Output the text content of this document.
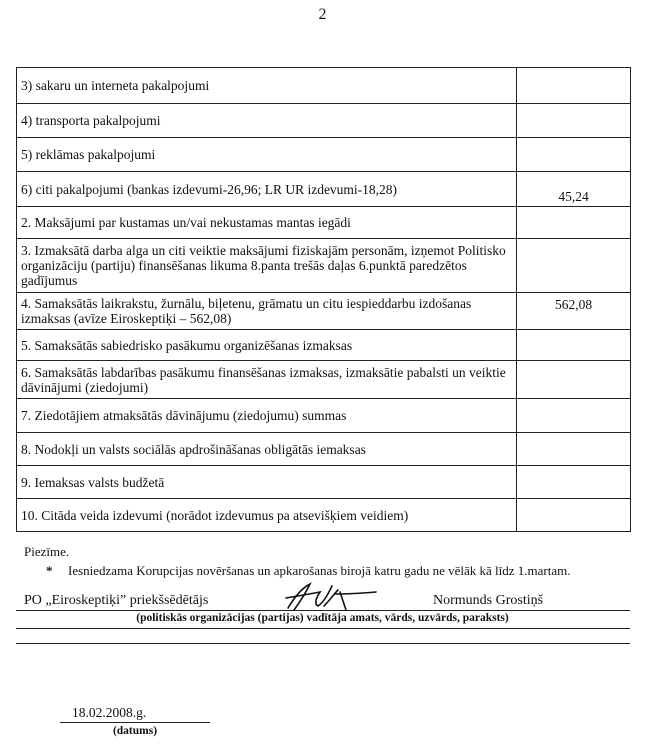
2
3) sakaru un interneta pakalpojumi	
4) transporta pakalpojumi	
5) reklāmas pakalpojumi	
6) citi pakalpojumi (bankas izdevumi-26,96; LR UR izdevumi-18,28)	45,24
2. Maksājumi par kustamas un/vai nekustamas mantas iegādi	
3. Izmaksātā darba alga un citi veiktie maksājumi fiziskajām personām, izņemot Politisko organizāciju (partiju) finansēšanas likuma 8.panta trešās daļas 6.punktā paredzētos gadījumus	
4. Samaksātās laikrakstu, žurnālu, biļetenu, grāmatu un citu iespieddarbu izdošanas izmaksas (avīze Eiroskeptiķi – 562,08)	562,08
5. Samaksātās sabiedrisko pasākumu organizēšanas izmaksas	
6. Samaksātās labdarības pasākumu finansēšanas izmaksas, izmaksātie pabalsti un veiktie dāvinājumi (ziedojumi)	
7. Ziedotājiem atmaksātās dāvinājumu (ziedojumu) summas	
8. Nodokļi un valsts sociālās apdrošināšanas obligātās iemaksas	
9. Iemaksas valsts budžetā	
10. Citāda veida izdevumi (norādot izdevumus pa atsevišķiem veidiem)	
Piezīme.
* Iesniedzama Korupcijas novēršanas un apkarošanas birojā katru gadu ne vēlāk kā līdz 1.martam.
PO „Eiroskeptiķi” priekšsēdētājs	Normunds Grostiņš
(politiskās organizācijas (partijas) vadītāja amats, vārds, uzvārds, paraksts)
18.02.2008.g.
(datums)
